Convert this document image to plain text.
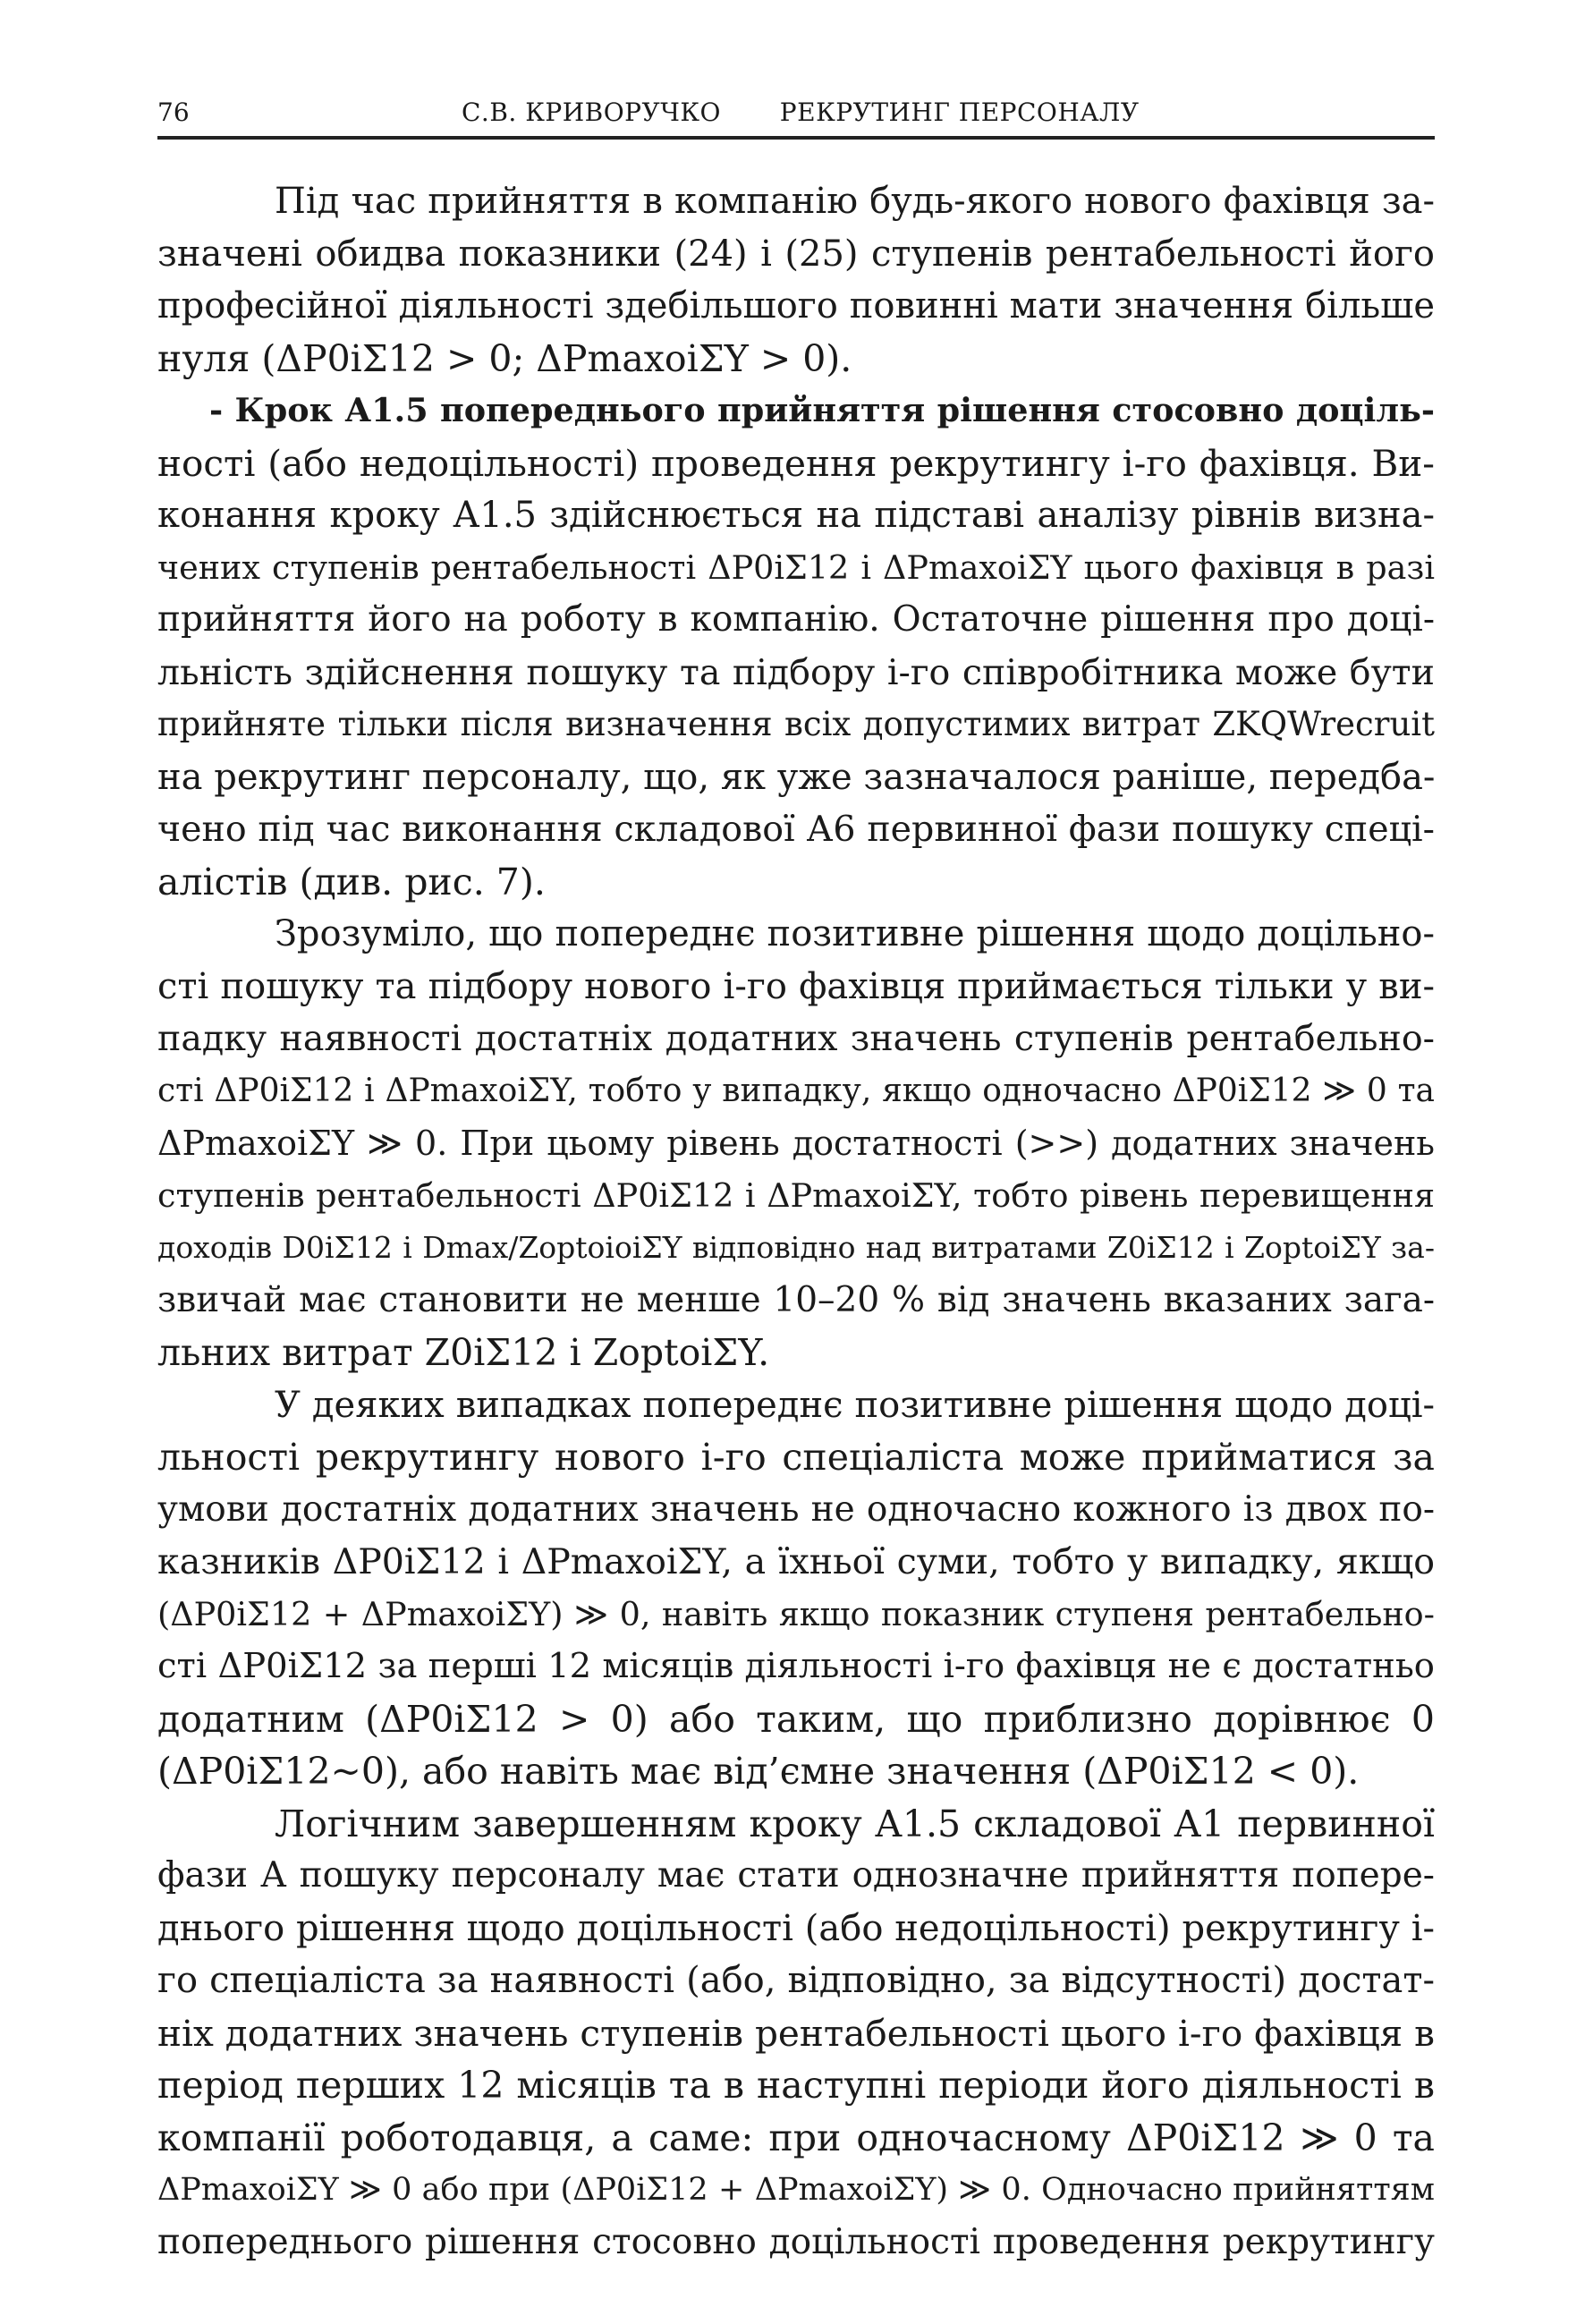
76	С.В. КРИВОРУЧКО       РЕКРУТИНГ ПЕРСОНАЛУ

Під час прийняття в компанію будь-якого нового фахівця за-
значені обидва показники (24) і (25) ступенів рентабельності його
професійної діяльності здебільшого повинні мати значення більше
нуля (ΔP0iΣ12 > 0; ΔPmaxoiΣY > 0).

- Крок А1.5 попереднього прийняття рішення стосовно доціль-
ності (або недоцільності) проведення рекрутингу i-го фахівця. Ви-
конання кроку А1.5 здійснюється на підставі аналізу рівнів визна-
чених ступенів рентабельності ΔP0iΣ12 і ΔPmaxoiΣY цього фахівця в разі
прийняття його на роботу в компанію. Остаточне рішення про доці-
льність здійснення пошуку та підбору i-го співробітника може бути
прийняте тільки після визначення всіх допустимих витрат ZKQWrecruit
на рекрутинг персоналу, що, як уже зазначалося раніше, передба-
чено під час виконання складової А6 первинної фази пошуку спеці-
алістів (див. рис. 7).

Зрозуміло, що попереднє позитивне рішення щодо доцільно-
сті пошуку та підбору нового i-го фахівця приймається тільки у ви-
падку наявності достатніх додатних значень ступенів рентабельно-
сті ΔP0iΣ12 і ΔPmaxoiΣY, тобто у випадку, якщо одночасно ΔP0iΣ12 ≫ 0 та
ΔPmaxoiΣY ≫ 0. При цьому рівень достатності (>>) додатних значень
ступенів рентабельності ΔP0iΣ12 і ΔPmaxoiΣY, тобто рівень перевищення
доходів D0iΣ12 і Dmax/ZoptoioiΣY відповідно над витратами Z0iΣ12 і ZoptoiΣY за-
звичай має становити не менше 10–20 % від значень вказаних зага-
льних витрат Z0iΣ12 і ZoptoiΣY.

У деяких випадках попереднє позитивне рішення щодо доці-
льності рекрутингу нового i-го спеціаліста може прийматися за
умови достатніх додатних значень не одночасно кожного із двох по-
казників ΔP0iΣ12 і ΔPmaxoiΣY, а їхньої суми, тобто у випадку, якщо
(ΔP0iΣ12 + ΔPmaxoiΣY) ≫ 0, навіть якщо показник ступеня рентабельно-
сті ΔP0iΣ12 за перші 12 місяців діяльності i-го фахівця не є достатньо
додатним (ΔP0iΣ12 > 0) або таким, що приблизно дорівнює 0
(ΔP0iΣ12~0), або навіть має від’ємне значення (ΔP0iΣ12 < 0).

Логічним завершенням кроку А1.5 складової А1 первинної
фази А пошуку персоналу має стати однозначне прийняття попере-
днього рішення щодо доцільності (або недоцільності) рекрутингу i-
го спеціаліста за наявності (або, відповідно, за відсутності) достат-
ніх додатних значень ступенів рентабельності цього i-го фахівця в
період перших 12 місяців та в наступні періоди його діяльності в
компанії роботодавця, а саме: при одночасному ΔP0iΣ12 ≫ 0 та
ΔPmaxoiΣY ≫ 0 або при (ΔP0iΣ12 + ΔPmaxoiΣY) ≫ 0. Одночасно прийняттям
попереднього рішення стосовно доцільності проведення рекрутингу
